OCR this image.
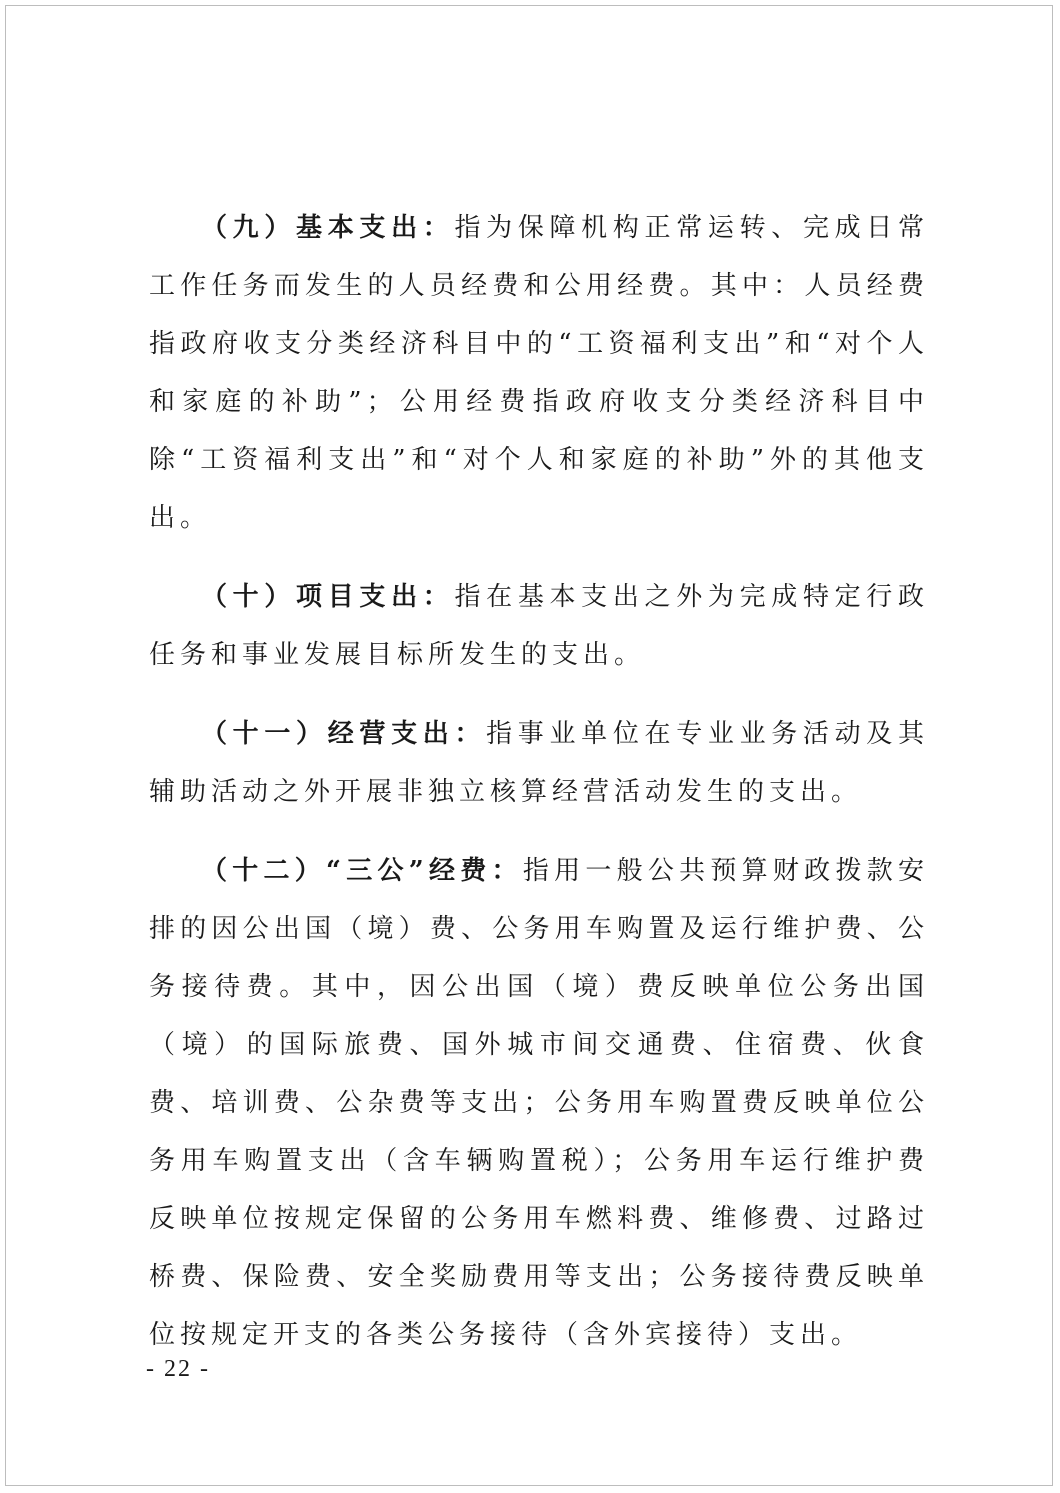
（九）基本支出：指为保障机构正常运转、完成日常工作任务而发生的人员经费和公用经费。其中：人员经费指政府收支分类经济科目中的“工资福利支出”和“对个人和家庭的补助”；公用经费指政府收支分类经济科目中除“工资福利支出”和“对个人和家庭的补助”外的其他支出。

（十）项目支出：指在基本支出之外为完成特定行政任务和事业发展目标所发生的支出。

（十一）经营支出：指事业单位在专业业务活动及其辅助活动之外开展非独立核算经营活动发生的支出。

（十二）“三公”经费：指用一般公共预算财政拨款安排的因公出国（境）费、公务用车购置及运行维护费、公务接待费。其中，因公出国（境）费反映单位公务出国（境）的国际旅费、国外城市间交通费、住宿费、伙食费、培训费、公杂费等支出；公务用车购置费反映单位公务用车购置支出（含车辆购置税）；公务用车运行维护费反映单位按规定保留的公务用车燃料费、维修费、过路过桥费、保险费、安全奖励费用等支出；公务接待费反映单位按规定开支的各类公务接待（含外宾接待）支出。

- 22 -
